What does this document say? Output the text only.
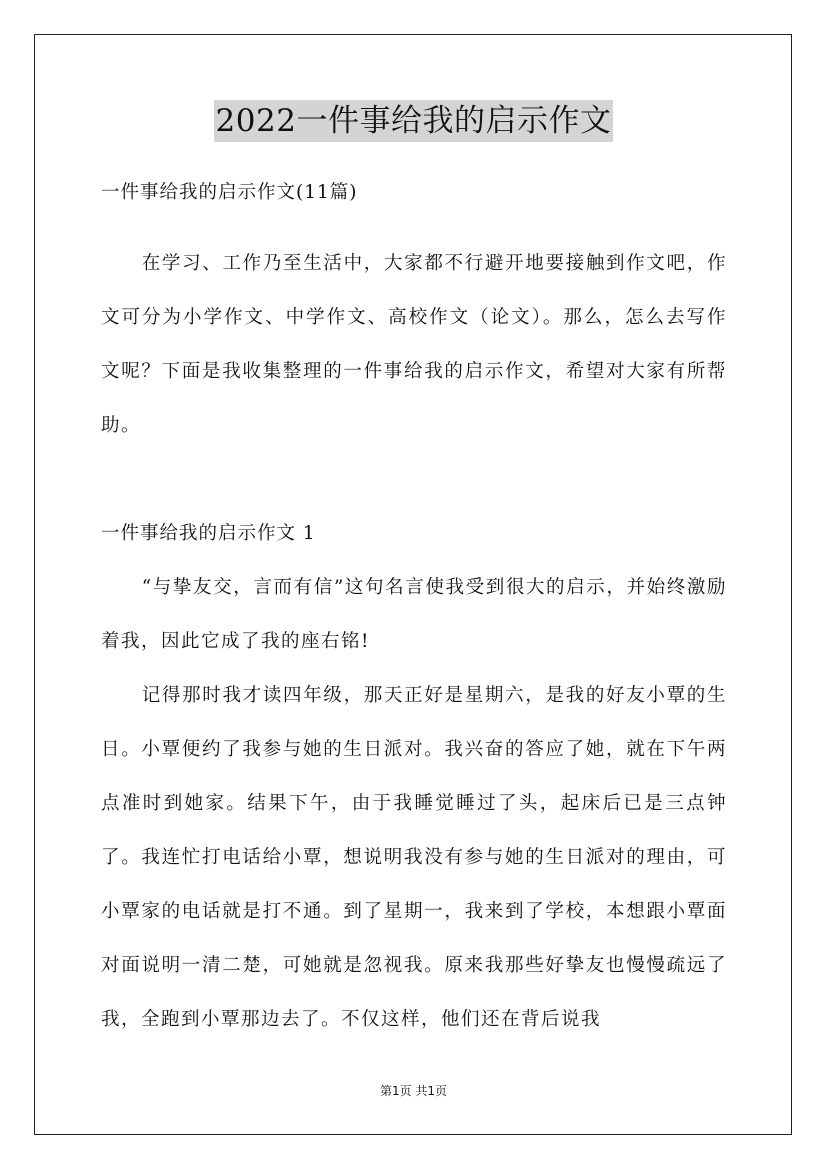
2022一件事给我的启示作文

一件事给我的启示作文(11篇)

在学习、工作乃至生活中，大家都不行避开地要接触到作文吧，作文可分为小学作文、中学作文、高校作文（论文）。那么，怎么去写作文呢？下面是我收集整理的一件事给我的启示作文，希望对大家有所帮助。

一件事给我的启示作文 1

“与挚友交，言而有信”这句名言使我受到很大的启示，并始终激励着我，因此它成了我的座右铭!

记得那时我才读四年级，那天正好是星期六，是我的好友小覃的生日。小覃便约了我参与她的生日派对。我兴奋的答应了她，就在下午两点准时到她家。结果下午，由于我睡觉睡过了头，起床后已是三点钟了。我连忙打电话给小覃，想说明我没有参与她的生日派对的理由，可小覃家的电话就是打不通。到了星期一，我来到了学校，本想跟小覃面对面说明一清二楚，可她就是忽视我。原来我那些好挚友也慢慢疏远了我，全跑到小覃那边去了。不仅这样，他们还在背后说我

第1页 共1页
